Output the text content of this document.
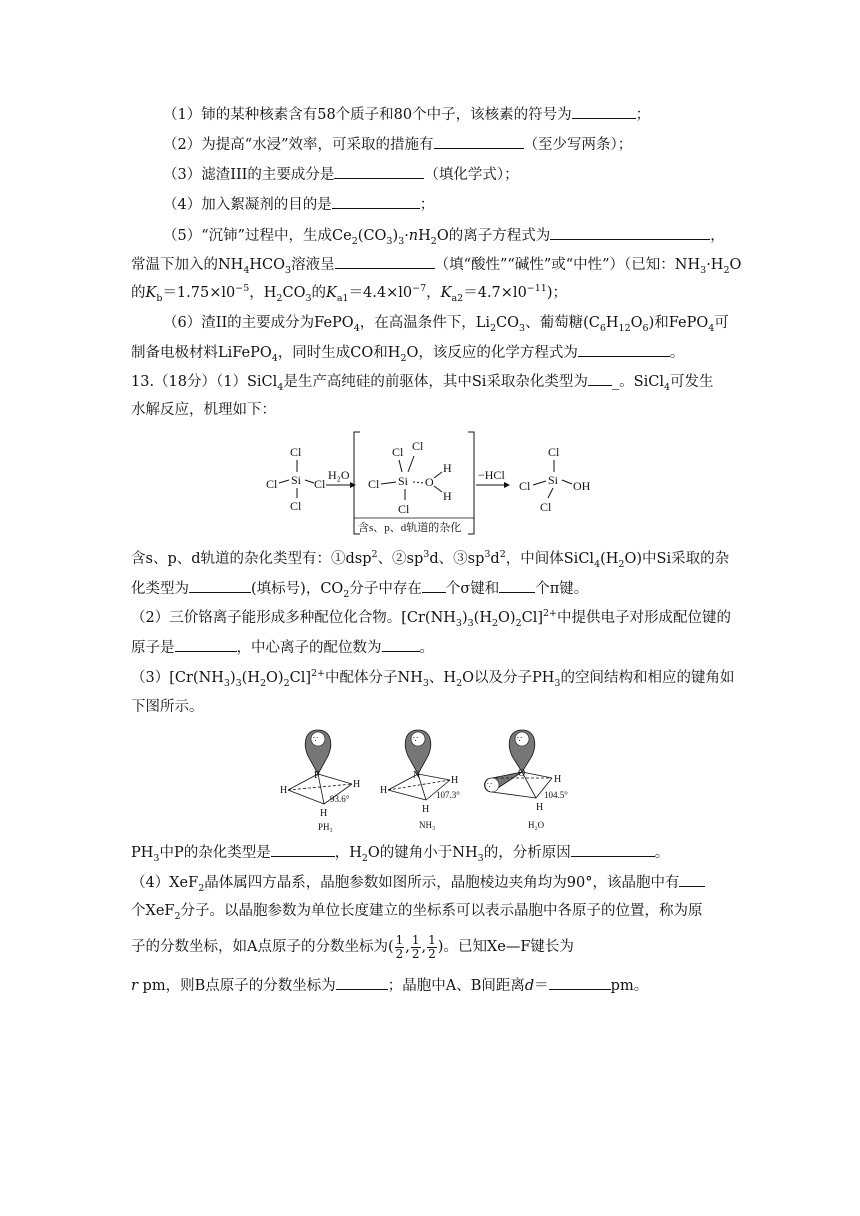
（1）铈的某种核素含有58个质子和80个中子，该核素的符号为	；
（2）为提高“水浸”效率，可采取的措施有	（至少写两条）；
（3）滤渣III的主要成分是	（填化学式）；
（4）加入絮凝剂的目的是	；
（5）“沉铈”过程中，生成$Ce_2(CO_3)_3\cdot nH_2O$的离子方程式为	，
常温下加入的$NH_4HCO_3$溶液呈	（填“酸性”“碱性”或“中性”）（已知：$NH_3\cdot H_2O$
的$K_b=1.75\times l0^{-5}$，$H_2CO_3$的$K_{a1}=4.4\times l0^{-7}$，$K_{a2}=4.7\times l0^{-11}$)；
（6）渣II的主要成分为FePO$_4$，在高温条件下，$Li_2CO_3$、葡萄糖$(C_6H_{12}O_6)$和FePO$_4$可
制备电极材料LiFePO$_4$，同时生成CO和$H_2O$，该反应的化学方程式为	。
13.（18分）（1）SiCl$_4$是生产高纯硅的前驱体，其中Si采取杂化类型为 _。SiCl$_4$可发生
水解反应，机理如下：
Cl
Si
Cl	Cl
Cl
H₂O
Cl Cl
Si
Cl	O
H
H
Cl
含s、p、d轨道的杂化
−HCl
Cl
Si
Cl	OH
Cl
含s、p、d轨道的杂化类型有：①dsp$^2$、$②sp^3d$、$③sp^3d^2$，中间体$SiCl_4(H_2O)$中Si采取的杂
化类型为	(填标号)，$CO_2$分子中存在 个σ键和 个π键。
（2）三价铬离子能形成多种配位化合物。$[Cr(NH_3)_3(H_2O)_2Cl]^{2+}$中提供电子对形成配位键的
原子是	，中心离子的配位数为	。
$(3)[Cr(NH_3)_3(H_2O)_2Cl]^{2+}$中配体分子$NH_3$、$H_2O$以及分子$PH_3$的空间结构和相应的键角如
下图所示。
∵
P
H
H
H
93.6°
PH₃
∵
N
H
H
H
107.3°
NH₃
∵
∵
O
H
H
104.5°
H₂O
$PH_3$中P的杂化类型是	，$H_2O$的键角小于$NH_3$的，分析原因	。
（4）XeF$_2$晶体属四方晶系，晶胞参数如图所示，晶胞棱边夹角均为90°，该晶胞中有
个XeF$_2$分子。以晶胞参数为单位长度建立的坐标系可以表示晶胞中各原子的位置，称为原
子的分数坐标，如A点原子的分数坐标为( $\frac{1}{2}$ , $\frac{1}{2}$ , $\frac{1}{2}$ )。已知Xe—F键长为
r pm，则B点原子的分数坐标为	；晶胞中A、B间距离d＝	pm。
